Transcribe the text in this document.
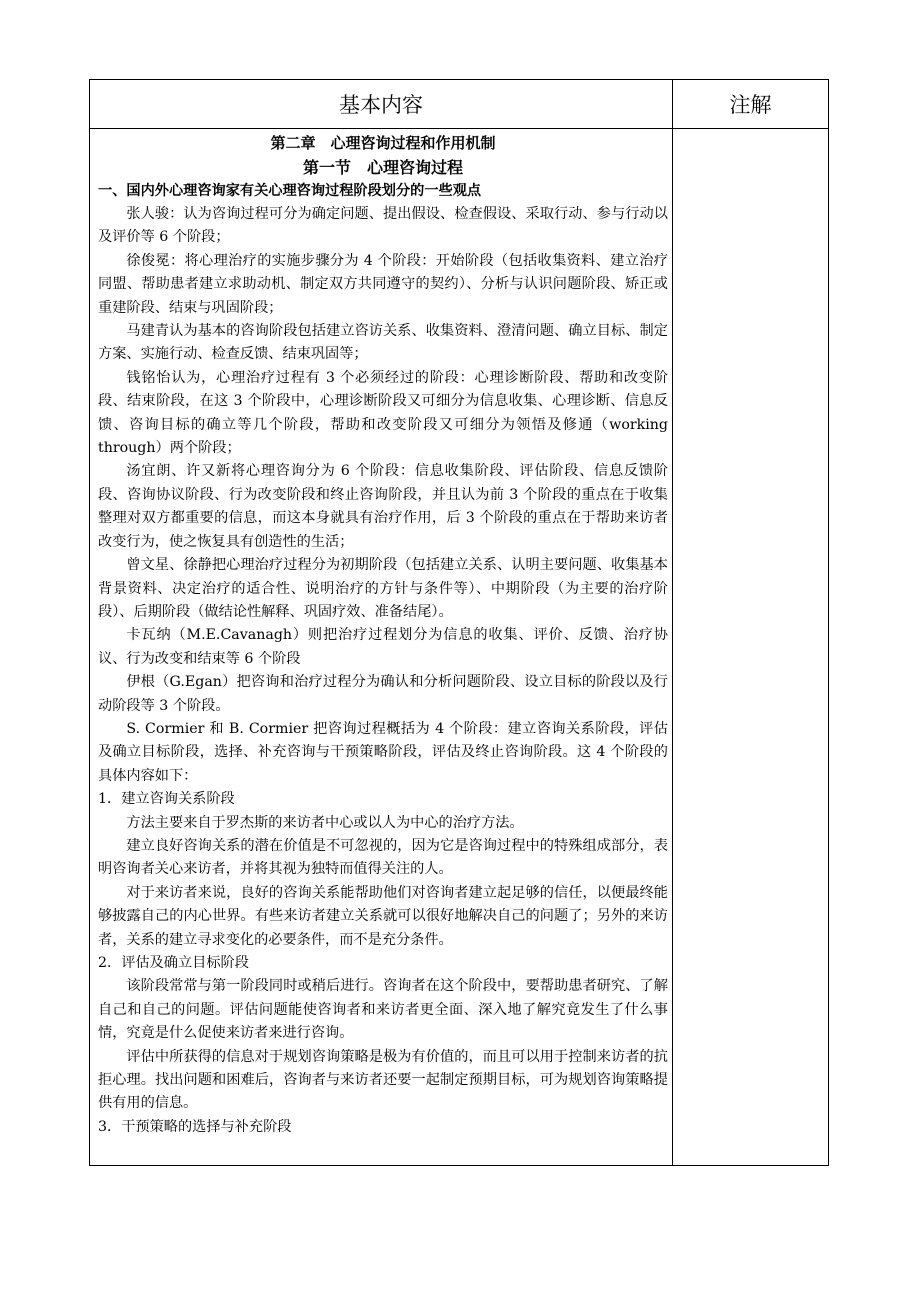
基本内容	注解
第二章　心理咨询过程和作用机制
第一节　心理咨询过程
一、国内外心理咨询家有关心理咨询过程阶段划分的一些观点

张人骏：认为咨询过程可分为确定问题、提出假设、检查假设、采取行动、参与行动以及评价等 6 个阶段；

徐俊冕：将心理治疗的实施步骤分为 4 个阶段：开始阶段（包括收集资料、建立治疗同盟、帮助患者建立求助动机、制定双方共同遵守的契约）、分析与认识问题阶段、矫正或重建阶段、结束与巩固阶段；

马建青认为基本的咨询阶段包括建立咨访关系、收集资料、澄清问题、确立目标、制定方案、实施行动、检查反馈、结束巩固等；

钱铭怡认为，心理治疗过程有 3 个必须经过的阶段：心理诊断阶段、帮助和改变阶段、结束阶段，在这 3 个阶段中，心理诊断阶段又可细分为信息收集、心理诊断、信息反馈、咨询目标的确立等几个阶段，帮助和改变阶段又可细分为领悟及修通（working through）两个阶段；

汤宜朗、许又新将心理咨询分为 6 个阶段：信息收集阶段、评估阶段、信息反馈阶段、咨询协议阶段、行为改变阶段和终止咨询阶段，并且认为前 3 个阶段的重点在于收集整理对双方都重要的信息，而这本身就具有治疗作用，后 3 个阶段的重点在于帮助来访者改变行为，使之恢复具有创造性的生活；

曾文星、徐静把心理治疗过程分为初期阶段（包括建立关系、认明主要问题、收集基本背景资料、决定治疗的适合性、说明治疗的方针与条件等）、中期阶段（为主要的治疗阶段）、后期阶段（做结论性解释、巩固疗效、准备结尾）。

卡瓦纳（M.E.Cavanagh）则把治疗过程划分为信息的收集、评价、反馈、治疗协议、行为改变和结束等 6 个阶段

伊根（G.Egan）把咨询和治疗过程分为确认和分析问题阶段、设立目标的阶段以及行动阶段等 3 个阶段。

S. Cormier 和 B. Cormier 把咨询过程概括为 4 个阶段：建立咨询关系阶段，评估及确立目标阶段，选择、补充咨询与干预策略阶段，评估及终止咨询阶段。这 4 个阶段的具体内容如下：

1．建立咨询关系阶段

方法主要来自于罗杰斯的来访者中心或以人为中心的治疗方法。

建立良好咨询关系的潜在价值是不可忽视的，因为它是咨询过程中的特殊组成部分，表明咨询者关心来访者，并将其视为独特而值得关注的人。

对于来访者来说，良好的咨询关系能帮助他们对咨询者建立起足够的信任，以便最终能够披露自己的内心世界。有些来访者建立关系就可以很好地解决自己的问题了；另外的来访者，关系的建立寻求变化的必要条件，而不是充分条件。

2．评估及确立目标阶段

该阶段常常与第一阶段同时或稍后进行。咨询者在这个阶段中，要帮助患者研究、了解自己和自己的问题。评估问题能使咨询者和来访者更全面、深入地了解究竟发生了什么事情，究竟是什么促使来访者来进行咨询。

评估中所获得的信息对于规划咨询策略是极为有价值的，而且可以用于控制来访者的抗拒心理。找出问题和困难后，咨询者与来访者还要一起制定预期目标，可为规划咨询策略提供有用的信息。

3．干预策略的选择与补充阶段
